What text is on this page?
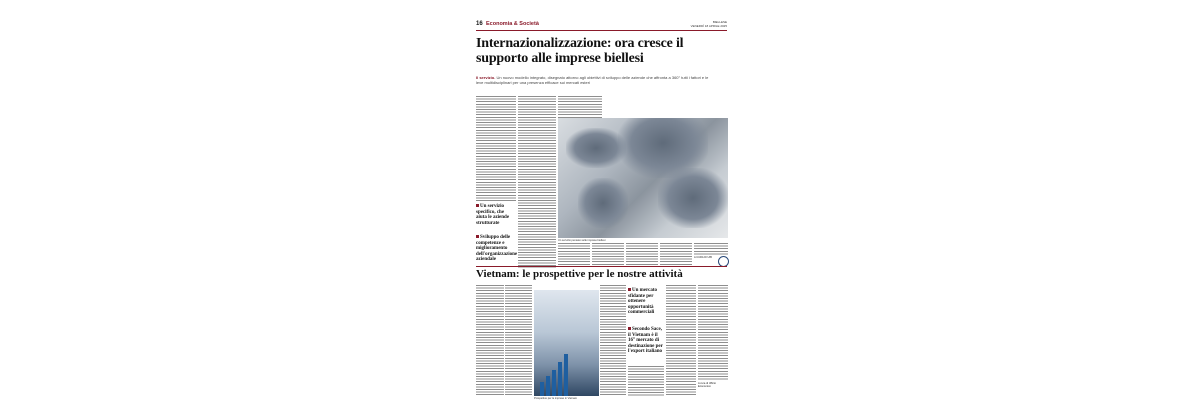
16 Economia & Società	BIELLESE
VENERDÌ 18 APRILE 2025
Internazionalizzazione: ora cresce il supporto alle imprese biellesi
Il servizio. Un nuovo modello integrato, disegnato attorno agli obiettivi di sviluppo delle aziende che affronta a 360° tutti i fattori e le leve multidisciplinari per una presenza efficace sui mercati esteri
Un servizio pensato sulle imprese biellesi
Un servizio specifico, che aiuta le aziende strutturate
Sviluppo delle competenze e miglioramento dell'organizzazione aziendale	A CURA DI UIB
Vietnam: le prospettive per le nostre attività
Prospettive per le imprese in Vietnam
Un mercato sfidante per ottenere opportunità commerciali
Secondo Sace, il Vietnam è il 16° mercato di destinazione per l'export italiano
A cura di Ufficio Economico
